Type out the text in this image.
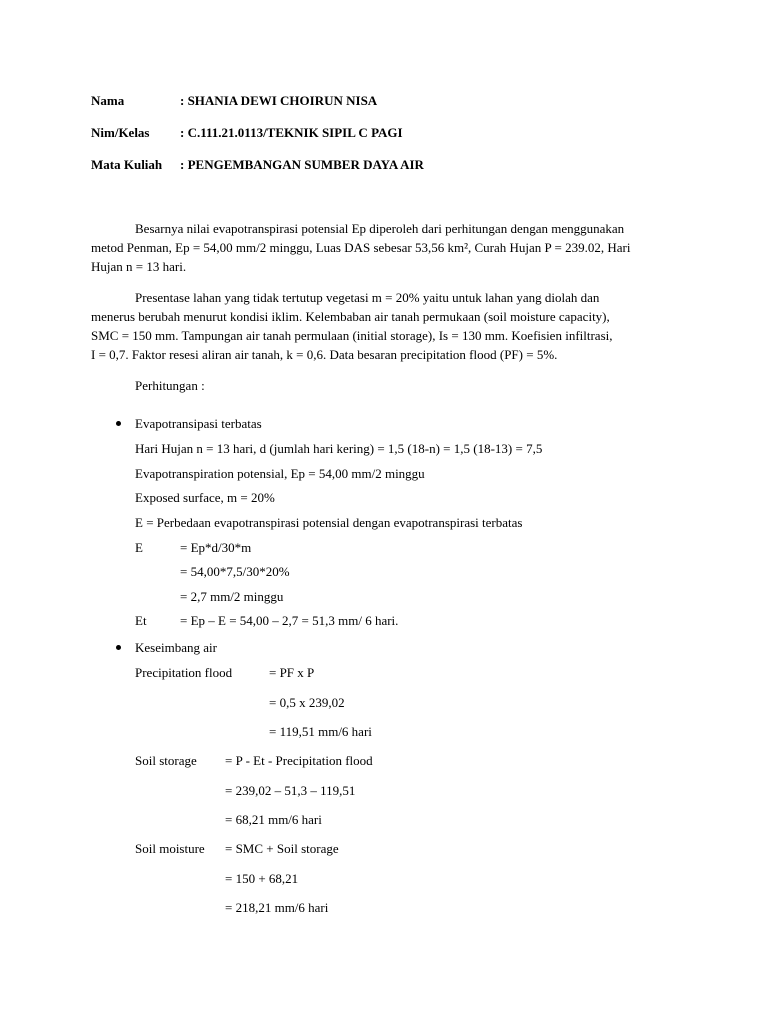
Nama	: SHANIA DEWI CHOIRUN NISA
Nim/Kelas : C.111.21.0113/TEKNIK SIPIL C PAGI
Mata Kuliah : PENGEMBANGAN SUMBER DAYA AIR
Besarnya nilai evapotranspirasi potensial Ep diperoleh dari perhitungan dengan menggunakan
metod Penman, Ep = 54,00 mm/2 minggu, Luas DAS sebesar 53,56 km², Curah Hujan P = 239.02, Hari
Hujan n = 13 hari.
Presentase lahan yang tidak tertutup vegetasi m = 20% yaitu untuk lahan yang diolah dan
menerus berubah menurut kondisi iklim. Kelembaban air tanah permukaan (soil moisture capacity),
SMC = 150 mm. Tampungan air tanah permulaan (initial storage), Is = 130 mm. Koefisien infiltrasi,
I = 0,7. Faktor resesi aliran air tanah, k = 0,6. Data besaran precipitation flood (PF) = 5%.
Perhitungan :
Evapotransipasi terbatas
Hari Hujan n = 13 hari, d (jumlah hari kering) = 1,5 (18-n) = 1,5 (18-13) = 7,5
Evapotranspiration potensial, Ep = 54,00 mm/2 minggu
Exposed surface, m = 20%
E = Perbedaan evapotranspirasi potensial dengan evapotranspirasi terbatas
E	= Ep*d/30*m
= 54,00*7,5/30*20%
= 2,7 mm/2 minggu
Et	= Ep – E = 54,00 – 2,7 = 51,3 mm/ 6 hari.
Keseimbang air
Precipitation flood	= PF x P
= 0,5 x 239,02
= 119,51 mm/6 hari
Soil storage = P - Et - Precipitation flood
= 239,02 – 51,3 – 119,51
= 68,21 mm/6 hari
Soil moisture = SMC + Soil storage
= 150 + 68,21
= 218,21 mm/6 hari
